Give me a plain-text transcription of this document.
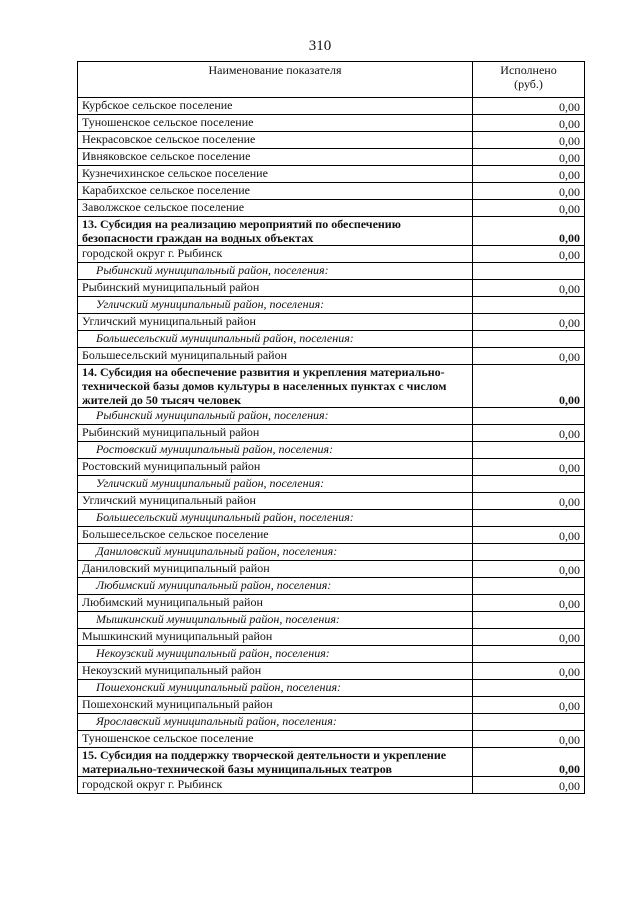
310
Наименование показателя	Исполнено
(руб.)
Курбское сельское поселение	0,00
Туношенское сельское поселение	0,00
Некрасовское сельское поселение	0,00
Ивняковское сельское поселение	0,00
Кузнечихинское сельское поселение	0,00
Карабихское сельское поселение	0,00
Заволжское сельское поселение	0,00
13. Субсидия на реализацию мероприятий по обеспечению безопасности граждан на водных объектах	0,00
городской округ г. Рыбинск	0,00
Рыбинский муниципальный район, поселения:	
Рыбинский муниципальный район	0,00
Угличский муниципальный район, поселения:	
Угличский муниципальный район	0,00
Большесельский муниципальный район, поселения:	
Большесельский муниципальный район	0,00
14. Субсидия на обеспечение развития и укрепления материально-технической базы домов культуры в населенных пунктах с числом жителей до 50 тысяч человек	0,00
Рыбинский муниципальный район, поселения:	
Рыбинский муниципальный район	0,00
Ростовский муниципальный район, поселения:	
Ростовский муниципальный район	0,00
Угличский муниципальный район, поселения:	
Угличский муниципальный район	0,00
Большесельский муниципальный район, поселения:	
Большесельское сельское поселение	0,00
Даниловский муниципальный район, поселения:	
Даниловский муниципальный район	0,00
Любимский муниципальный район, поселения:	
Любимский муниципальный район	0,00
Мышкинский муниципальный район, поселения:	
Мышкинский муниципальный район	0,00
Некоузский муниципальный район, поселения:	
Некоузский муниципальный район	0,00
Пошехонский муниципальный район, поселения:	
Пошехонский муниципальный район	0,00
Ярославский муниципальный район, поселения:	
Туношенское сельское поселение	0,00
15. Субсидия на поддержку творческой деятельности и укрепление материально-технической базы муниципальных театров	0,00
городской округ г. Рыбинск	0,00
